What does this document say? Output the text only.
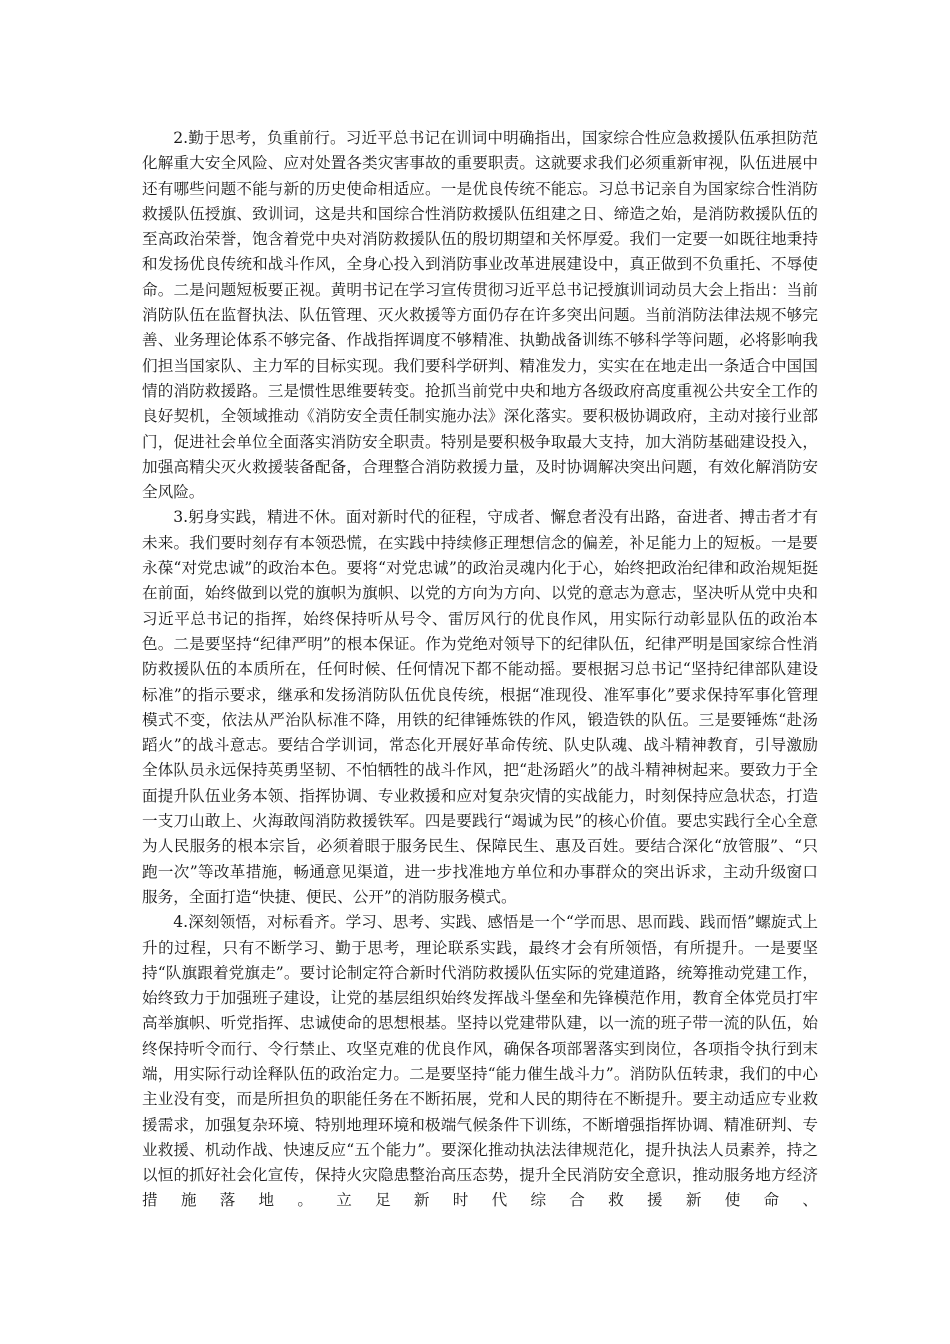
2.勤于思考，负重前行。习近平总书记在训词中明确指出，国家综合性应急救援队伍承担防范化解重大安全风险、应对处置各类灾害事故的重要职责。这就要求我们必须重新审视，队伍进展中还有哪些问题不能与新的历史使命相适应。一是优良传统不能忘。习总书记亲自为国家综合性消防救援队伍授旗、致训词，这是共和国综合性消防救援队伍组建之日、缔造之始，是消防救援队伍的至高政治荣誉，饱含着党中央对消防救援队伍的殷切期望和关怀厚爱。我们一定要一如既往地秉持和发扬优良传统和战斗作风，全身心投入到消防事业改革进展建设中，真正做到不负重托、不辱使命。二是问题短板要正视。黄明书记在学习宣传贯彻习近平总书记授旗训词动员大会上指出：当前消防队伍在监督执法、队伍管理、灭火救援等方面仍存在许多突出问题。当前消防法律法规不够完善、业务理论体系不够完备、作战指挥调度不够精准、执勤战备训练不够科学等问题，必将影响我们担当国家队、主力军的目标实现。我们要科学研判、精准发力，实实在在地走出一条适合中国国情的消防救援路。三是惯性思维要转变。抢抓当前党中央和地方各级政府高度重视公共安全工作的良好契机，全领域推动《消防安全责任制实施办法》深化落实。要积极协调政府，主动对接行业部门，促进社会单位全面落实消防安全职责。特别是要积极争取最大支持，加大消防基础建设投入，加强高精尖灭火救援装备配备，合理整合消防救援力量，及时协调解决突出问题，有效化解消防安全风险。

3.躬身实践，精进不休。面对新时代的征程，守成者、懈怠者没有出路，奋进者、搏击者才有未来。我们要时刻存有本领恐慌，在实践中持续修正理想信念的偏差，补足能力上的短板。一是要永葆“对党忠诚”的政治本色。要将“对党忠诚”的政治灵魂内化于心，始终把政治纪律和政治规矩挺在前面，始终做到以党的旗帜为旗帜、以党的方向为方向、以党的意志为意志，坚决听从党中央和习近平总书记的指挥，始终保持听从号令、雷厉风行的优良作风，用实际行动彰显队伍的政治本色。二是要坚持“纪律严明”的根本保证。作为党绝对领导下的纪律队伍，纪律严明是国家综合性消防救援队伍的本质所在，任何时候、任何情况下都不能动摇。要根据习总书记“坚持纪律部队建设标准”的指示要求，继承和发扬消防队伍优良传统，根据“准现役、准军事化”要求保持军事化管理模式不变，依法从严治队标准不降，用铁的纪律锤炼铁的作风，锻造铁的队伍。三是要锤炼“赴汤蹈火”的战斗意志。要结合学训词，常态化开展好革命传统、队史队魂、战斗精神教育，引导激励全体队员永远保持英勇坚韧、不怕牺牲的战斗作风，把“赴汤蹈火”的战斗精神树起来。要致力于全面提升队伍业务本领、指挥协调、专业救援和应对复杂灾情的实战能力，时刻保持应急状态，打造一支刀山敢上、火海敢闯消防救援铁军。四是要践行“竭诚为民”的核心价值。要忠实践行全心全意为人民服务的根本宗旨，必须着眼于服务民生、保障民生、惠及百姓。要结合深化“放管服”、“只跑一次”等改革措施，畅通意见渠道，进一步找准地方单位和办事群众的突出诉求，主动升级窗口服务，全面打造“快捷、便民、公开”的消防服务模式。

4.深刻领悟，对标看齐。学习、思考、实践、感悟是一个“学而思、思而践、践而悟”螺旋式上升的过程，只有不断学习、勤于思考，理论联系实践，最终才会有所领悟，有所提升。一是要坚持“队旗跟着党旗走”。要讨论制定符合新时代消防救援队伍实际的党建道路，统筹推动党建工作，始终致力于加强班子建设，让党的基层组织始终发挥战斗堡垒和先锋模范作用，教育全体党员打牢高举旗帜、听党指挥、忠诚使命的思想根基。坚持以党建带队建，以一流的班子带一流的队伍，始终保持听令而行、令行禁止、攻坚克难的优良作风，确保各项部署落实到岗位，各项指令执行到末端，用实际行动诠释队伍的政治定力。二是要坚持“能力催生战斗力”。消防队伍转隶，我们的中心主业没有变，而是所担负的职能任务在不断拓展，党和人民的期待在不断提升。要主动适应专业救援需求，加强复杂环境、特别地理环境和极端气候条件下训练，不断增强指挥协调、精准研判、专业救援、机动作战、快速反应“五个能力”。要深化推动执法法律规范化，提升执法人员素养，持之以恒的抓好社会化宣传，保持火灾隐患整治高压态势，提升全民消防安全意识，推动服务地方经济措施落地。立足新时代综合救援新使命、
